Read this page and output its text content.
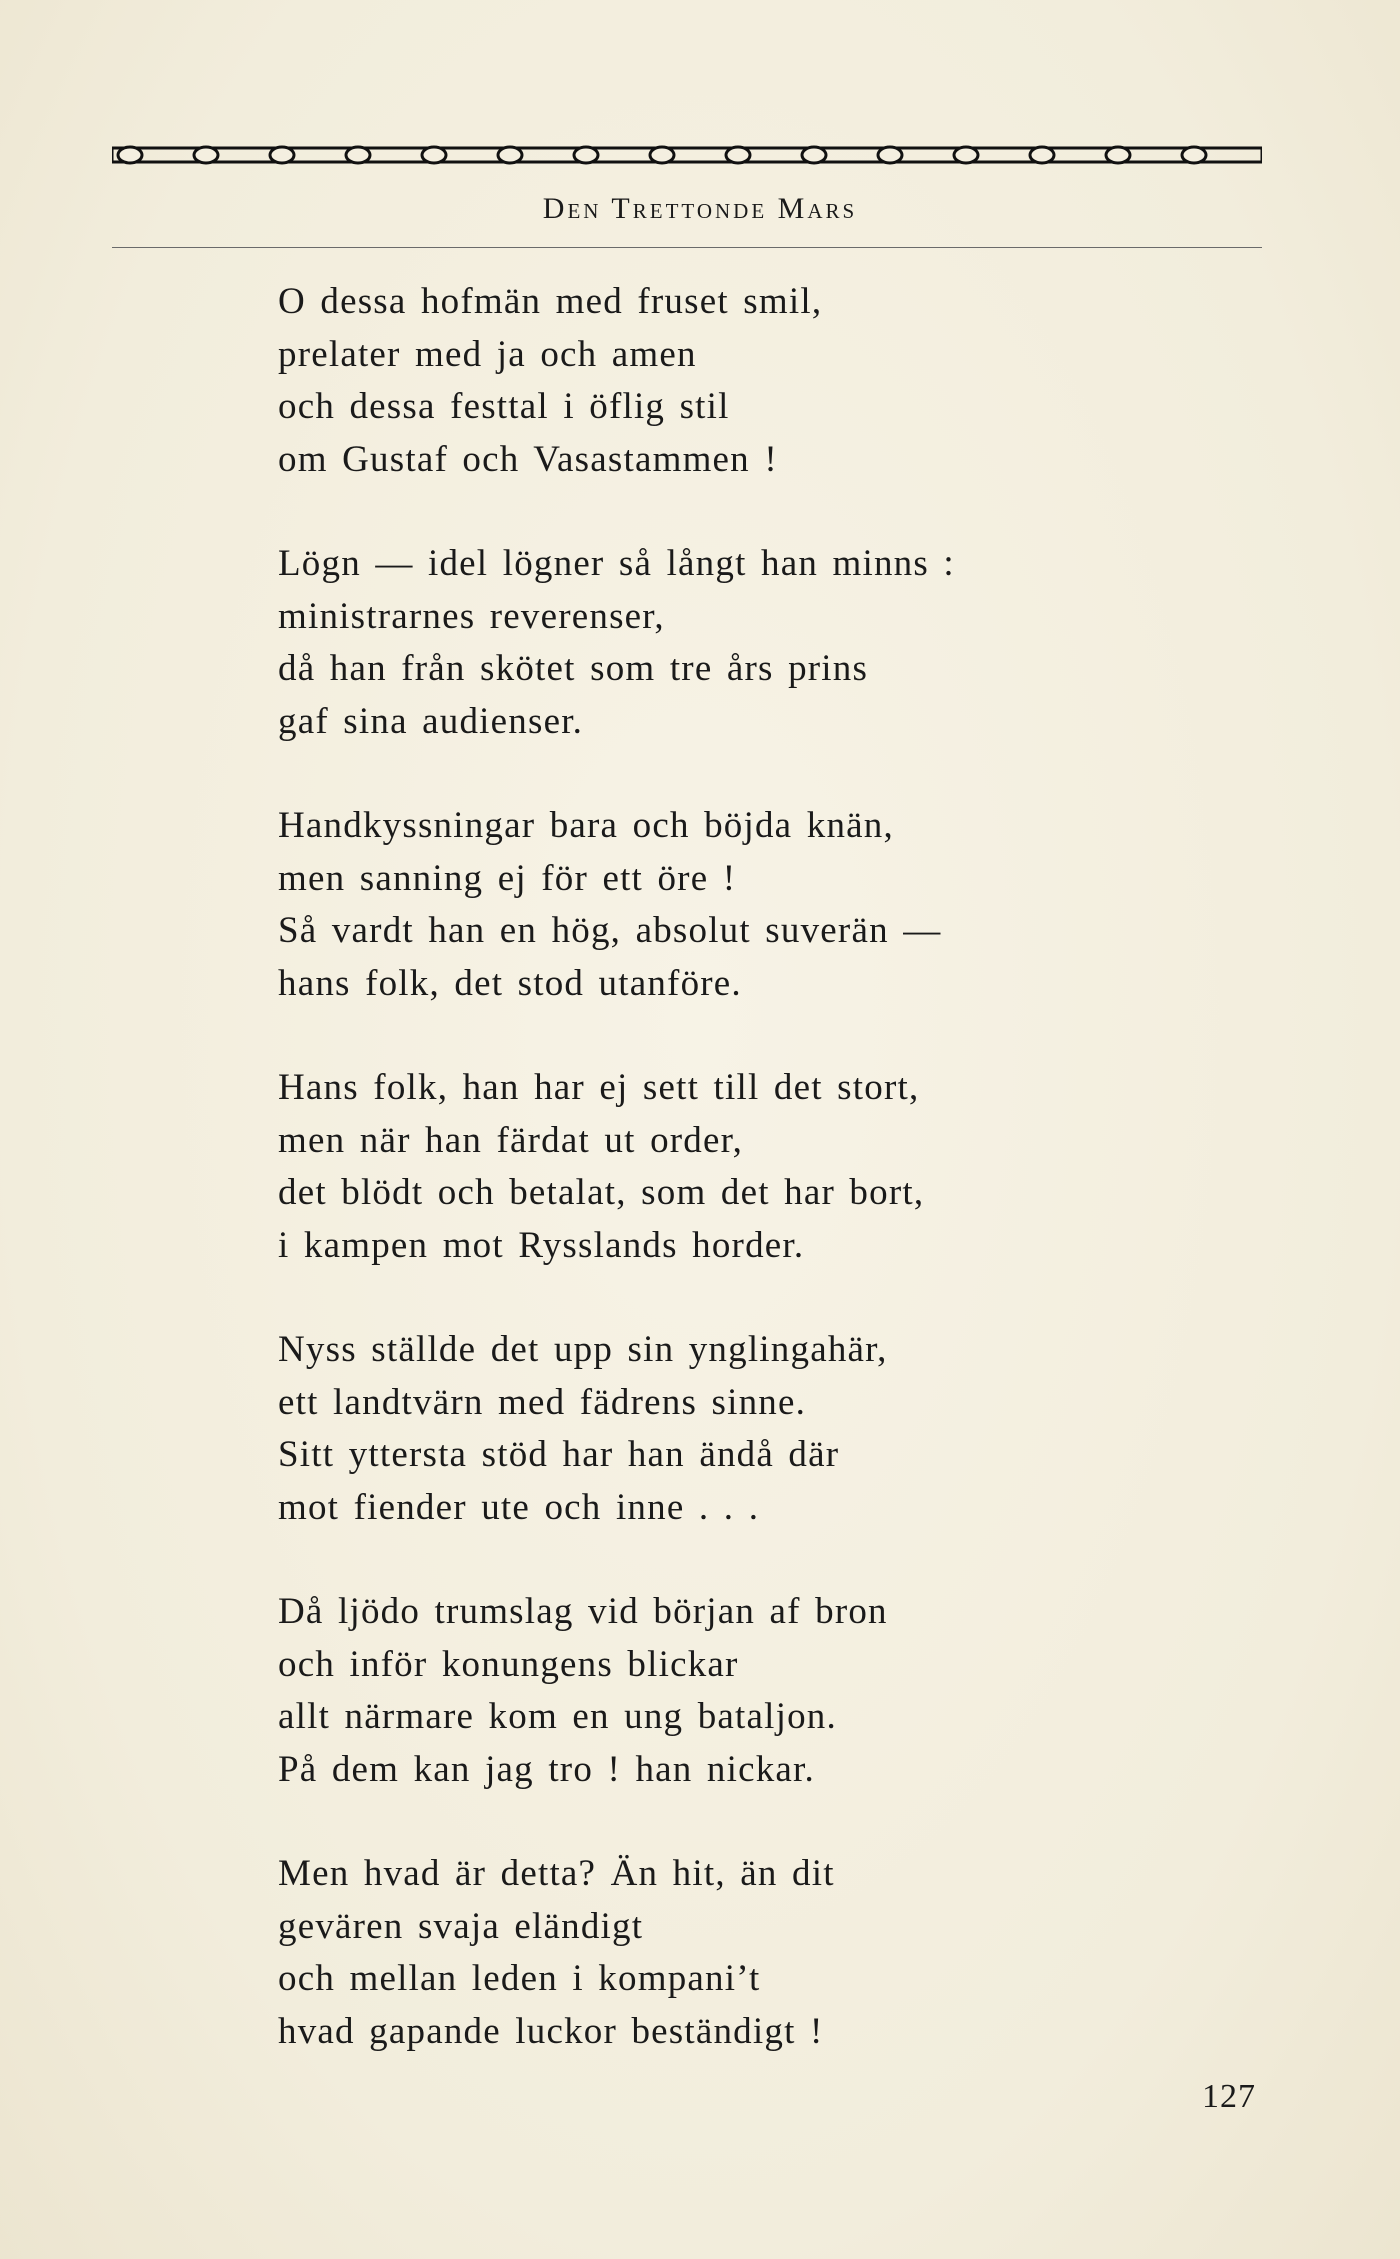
Den Trettonde Mars
O dessa hofmän med fruset smil,
prelater med ja och amen
och dessa festtal i öflig stil
om Gustaf och Vasastammen !
Lögn — idel lögner så långt han minns :
ministrarnes reverenser,
då han från skötet som tre års prins
gaf sina audienser.
Handkyssningar bara och böjda knän,
men sanning ej för ett öre !
Så vardt han en hög, absolut suverän —
hans folk, det stod utanföre.
Hans folk, han har ej sett till det stort,
men när han färdat ut order,
det blödt och betalat, som det har bort,
i kampen mot Rysslands horder.
Nyss ställde det upp sin ynglingahär,
ett landtvärn med fädrens sinne.
Sitt yttersta stöd har han ändå där
mot fiender ute och inne . . .
Då ljödo trumslag vid början af bron
och inför konungens blickar
allt närmare kom en ung bataljon.
På dem kan jag tro ! han nickar.
Men hvad är detta? Än hit, än dit
gevären svaja eländigt
och mellan leden i kompani’t
hvad gapande luckor beständigt !
127
